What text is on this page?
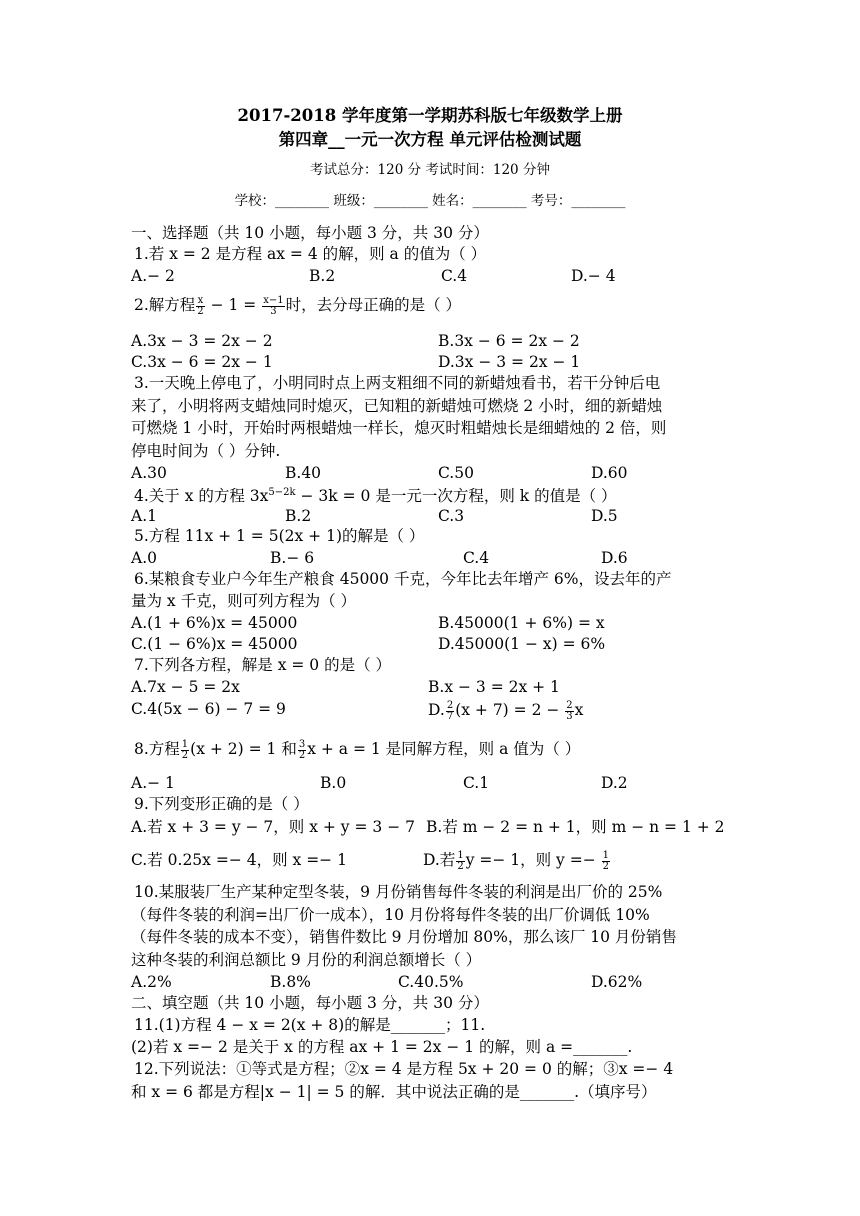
2017-2018 学年度第一学期苏科版七年级数学上册
第四章__一元一次方程 单元评估检测试题
考试总分：120 分 考试时间：120 分钟
学校：________ 班级：________ 姓名：________ 考号：________
一、选择题（共 10 小题，每小题 3 分，共 30 分）
1.若 x = 2 是方程 ax = 4 的解，则 a 的值为（ ）
A.− 2	B.2	C.4	D.− 4
2.解方程 $\frac{x}{2} - 1 = \frac{x-1}{3}$ 时，去分母正确的是（ ）
A.3x − 3 = 2x − 2	B.3x − 6 = 2x − 2
C.3x − 6 = 2x − 1	D.3x − 3 = 2x − 1
3.一天晚上停电了，小明同时点上两支粗细不同的新蜡烛看书，若干分钟后电
来了，小明将两支蜡烛同时熄灭，已知粗的新蜡烛可燃烧 2 小时，细的新蜡烛
可燃烧 1 小时，开始时两根蜡烛一样长，熄灭时粗蜡烛长是细蜡烛的 2 倍，则
停电时间为（ ）分钟.
A.30	B.40	C.50	D.60
4.关于 x 的方程 $3x^{5-2k} - 3k = 0$ 是一元一次方程，则 k 的值是（ ）
A.1	B.2	C.3	D.5
5.方程 11x + 1 = 5(2x + 1)的解是（ ）
A.0	B.− 6	C.4	D.6
6.某粮食专业户今年生产粮食 45000 千克，今年比去年增产 6%，设去年的产
量为 x 千克，则可列方程为（ ）
A.(1 + 6%)x = 45000	B.45000(1 + 6%) = x
C.(1 − 6%)x = 45000	D.45000(1 − x) = 6%
7.下列各方程，解是 x = 0 的是（ ）
A.7x − 5 = 2x	B.x − 3 = 2x + 1
C.4(5x − 6) − 7 = 9	D. $\frac{2}{7} (x + 7) = 2 - \frac{2}{3}$ x
8.方程 $\frac{1}{2} (x + 2) = 1$ 和 $\frac{3}{2}$ x + a = 1 是同解方程，则 a 值为（ ）
A.− 1	B.0	C.1	D.2
9.下列变形正确的是（ ）
A.若 x + 3 = y − 7，则 x + y = 3 − 7 B.若 m − 2 = n + 1，则 m − n = 1 + 2
C.若 0.25x =− 4，则 x =− 1	D.若 $\frac{1}{2}$ y =− 1，则 $y =- \frac{1}{2}$
10.某服装厂生产某种定型冬装，9 月份销售每件冬装的利润是出厂价的 25%
（每件冬装的利润=出厂价一成本），10 月份将每件冬装的出厂价调低 10%
（每件冬装的成本不变），销售件数比 9 月份增加 80%，那么该厂 10 月份销售
这种冬装的利润总额比 9 月份的利润总额增长（ ）
A.2%	B.8%	C.40.5%	D.62%
二、填空题（共 10 小题，每小题 3 分，共 30 分）
11.(1)方程 4 − x = 2(x + 8)的解是_______；11.
(2)若 x =− 2 是关于 x 的方程 ax + 1 = 2x − 1 的解，则 a =_______.
12.下列说法：①等式是方程；②x = 4 是方程 5x + 20 = 0 的解；③x =− 4
和 x = 6 都是方程|x − 1| = 5 的解．其中说法正确的是_______.（填序号）
